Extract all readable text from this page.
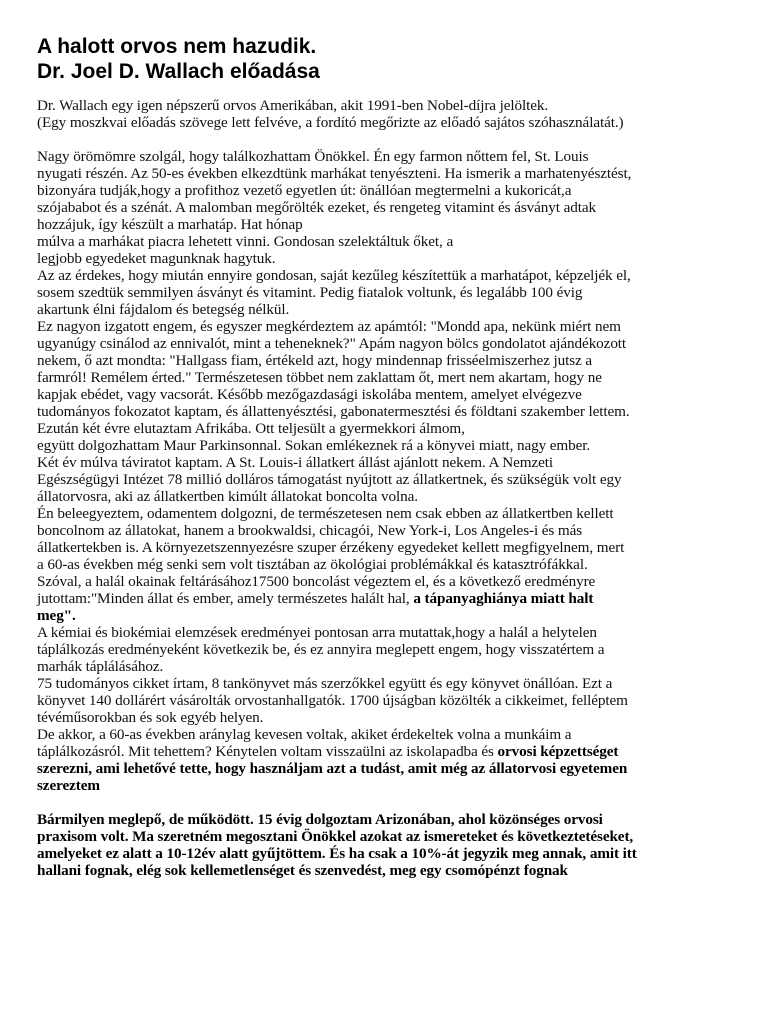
A halott orvos nem hazudik.
Dr. Joel D. Wallach előadása
Dr. Wallach egy igen népszerű orvos Amerikában, akit 1991-ben Nobel-díjra jelöltek.
(Egy moszkvai előadás szövege lett felvéve, a fordító megőrizte az előadó sajátos szóhasználatát.)
Nagy örömömre szolgál, hogy találkozhattam Önökkel. Én egy farmon nőttem fel, St. Louis
nyugati részén. Az 50-es években elkezdtünk marhákat tenyészteni. Ha ismerik a marhatenyésztést,
bizonyára tudják,hogy a profithoz vezető egyetlen út: önállóan megtermelni a kukoricát,a
szójababot és a szénát. A malomban megőrölték ezeket, és rengeteg vitamint és ásványt adtak
hozzájuk, így készült a marhatáp. Hat hónap
múlva a marhákat piacra lehetett vinni. Gondosan szelektáltuk őket, a
legjobb egyedeket magunknak hagytuk.
Az az érdekes, hogy miután ennyire gondosan, saját kezűleg készítettük a marhatápot, képzeljék el,
sosem szedtük semmilyen ásványt és vitamint. Pedig fiatalok voltunk, és legalább 100 évig
akartunk élni fájdalom és betegség nélkül.
Ez nagyon izgatott engem, és egyszer megkérdeztem az apámtól: "Mondd apa, nekünk miért nem
ugyanúgy csinálod az ennivalót, mint a teheneknek?" Apám nagyon bölcs gondolatot ajándékozott
nekem, ő azt mondta: "Hallgass fiam, értékeld azt, hogy mindennap frisséelmiszerhez jutsz a
farmról! Remélem érted." Természetesen többet nem zaklattam őt, mert nem akartam, hogy ne
kapjak ebédet, vagy vacsorát. Később mezőgazdasági iskolába mentem, amelyet elvégezve
tudományos fokozatot kaptam, és állattenyésztési, gabonatermesztési és földtani szakember lettem.
Ezután két évre elutaztam Afrikába. Ott teljesült a gyermekkori álmom,
együtt dolgozhattam Maur Parkinsonnal. Sokan emlékeznek rá a könyvei miatt, nagy ember.
Két év múlva táviratot kaptam. A St. Louis-i állatkert állást ajánlott nekem. A Nemzeti
Egészségügyi Intézet 78 millió dolláros támogatást nyújtott az állatkertnek, és szükségük volt egy
állatorvosra, aki az állatkertben kimúlt állatokat boncolta volna.
Én beleegyeztem, odamentem dolgozni, de természetesen nem csak ebben az állatkertben kellett
boncolnom az állatokat, hanem a brookwaldsi, chicagói, New York-i, Los Angeles-i és más
állatkertekben is. A környezetszennyezésre szuper érzékeny egyedeket kellett megfigyelnem, mert
a 60-as években még senki sem volt tisztában az ökológiai problémákkal és katasztrófákkal.
Szóval, a halál okainak feltárásához17500 boncolást végeztem el, és a következő eredményre
jutottam:"Minden állat és ember, amely természetes halált hal, a tápanyaghiánya miatt halt
meg".
A kémiai és biokémiai elemzések eredményei pontosan arra mutattak,hogy a halál a helytelen
táplálkozás eredményeként következik be, és ez annyira meglepett engem, hogy visszatértem a
marhák táplálásához.
75 tudományos cikket írtam, 8 tankönyvet más szerzőkkel együtt és egy könyvet önállóan. Ezt a
könyvet 140 dollárért vásárolták orvostanhallgatók. 1700 újságban közölték a cikkeimet, felléptem
tévéműsorokban és sok egyéb helyen.
De akkor, a 60-as években aránylag kevesen voltak, akiket érdekeltek volna a munkáim a
táplálkozásról. Mit tehettem? Kénytelen voltam visszaülni az iskolapadba és orvosi képzettséget
szerezni, ami lehetővé tette, hogy használjam azt a tudást, amit még az állatorvosi egyetemen
szereztem
Bármilyen meglepő, de működött. 15 évig dolgoztam Arizonában, ahol közönséges orvosi
praxisom volt. Ma szeretném megosztani Önökkel azokat az ismereteket és következtetéseket,
amelyeket ez alatt a 10-12év alatt gyűjtöttem. És ha csak a 10%-át jegyzik meg annak, amit itt
hallani fognak, elég sok kellemetlenséget és szenvedést, meg egy csomópénzt fognak
